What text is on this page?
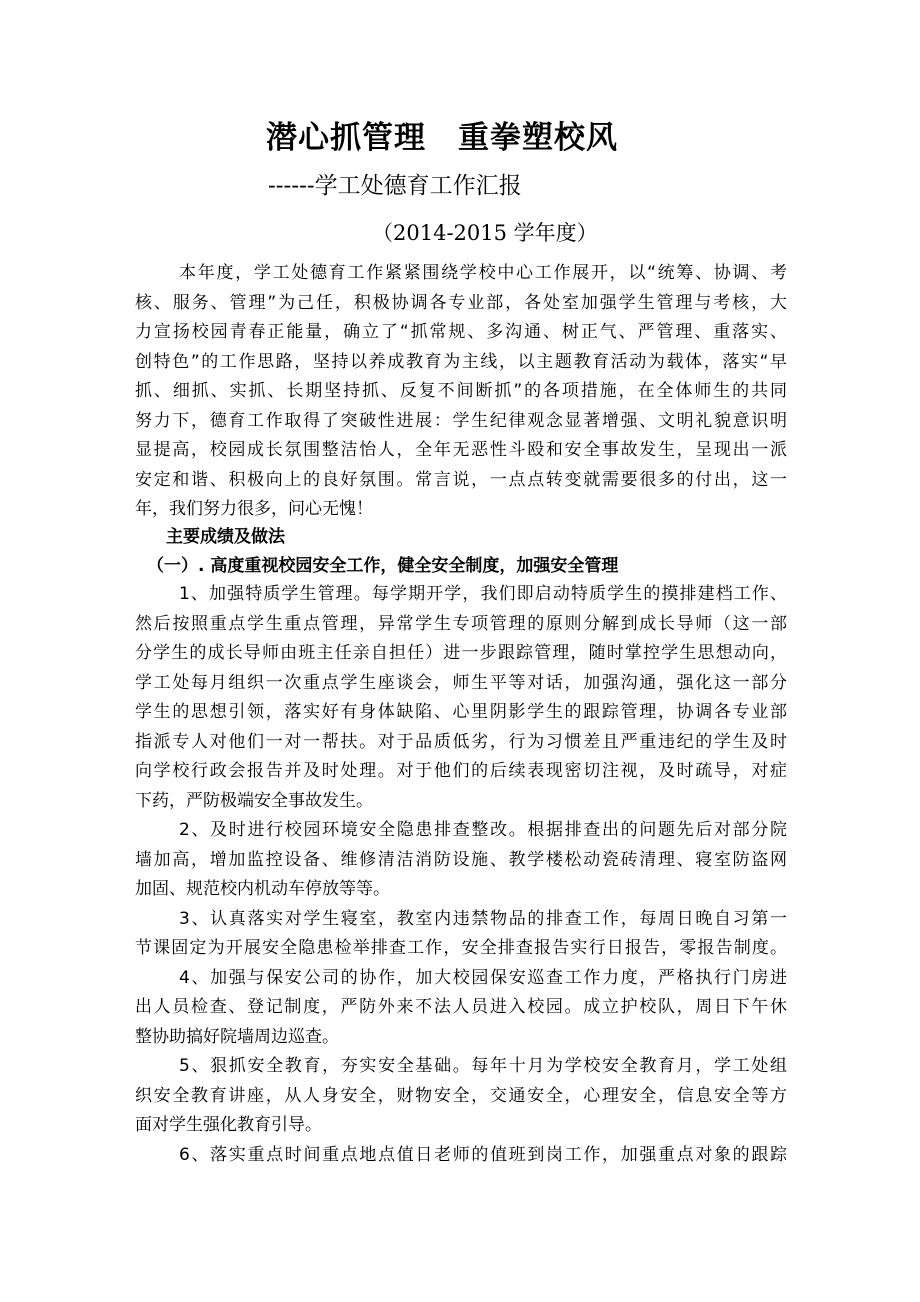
潜心抓管理　重拳塑校风
------学工处德育工作汇报
（2014-2015 学年度）
本年度，学工处德育工作紧紧围绕学校中心工作展开，以“统筹、协调、考
核、服务、管理”为己任，积极协调各专业部，各处室加强学生管理与考核，大
力宣扬校园青春正能量，确立了“抓常规、多沟通、树正气、严管理、重落实、
创特色”的工作思路，坚持以养成教育为主线，以主题教育活动为载体，落实“早
抓、细抓、实抓、长期坚持抓、反复不间断抓”的各项措施，在全体师生的共同
努力下，德育工作取得了突破性进展：学生纪律观念显著增强、文明礼貌意识明
显提高，校园成长氛围整洁怡人，全年无恶性斗殴和安全事故发生，呈现出一派
安定和谐、积极向上的良好氛围。常言说，一点点转变就需要很多的付出，这一
年，我们努力很多，问心无愧！
主要成绩及做法
（一）. 高度重视校园安全工作，健全安全制度，加强安全管理
1、加强特质学生管理。每学期开学，我们即启动特质学生的摸排建档工作、
然后按照重点学生重点管理，异常学生专项管理的原则分解到成长导师（这一部
分学生的成长导师由班主任亲自担任）进一步跟踪管理，随时掌控学生思想动向，
学工处每月组织一次重点学生座谈会，师生平等对话，加强沟通，强化这一部分
学生的思想引领，落实好有身体缺陷、心里阴影学生的跟踪管理，协调各专业部
指派专人对他们一对一帮扶。对于品质低劣，行为习惯差且严重违纪的学生及时
向学校行政会报告并及时处理。对于他们的后续表现密切注视，及时疏导，对症
下药，严防极端安全事故发生。
2、及时进行校园环境安全隐患排查整改。根据排查出的问题先后对部分院
墙加高，增加监控设备、维修清洁消防设施、教学楼松动瓷砖清理、寝室防盗网
加固、规范校内机动车停放等等。
3、认真落实对学生寝室，教室内违禁物品的排查工作，每周日晚自习第一
节课固定为开展安全隐患检举排查工作，安全排查报告实行日报告，零报告制度。
4、加强与保安公司的协作，加大校园保安巡查工作力度，严格执行门房进
出人员检查、登记制度，严防外来不法人员进入校园。成立护校队，周日下午休
整协助搞好院墙周边巡查。
5、狠抓安全教育，夯实安全基础。每年十月为学校安全教育月，学工处组
织安全教育讲座，从人身安全，财物安全，交通安全，心理安全，信息安全等方
面对学生强化教育引导。
6、落实重点时间重点地点值日老师的值班到岗工作，加强重点对象的跟踪
